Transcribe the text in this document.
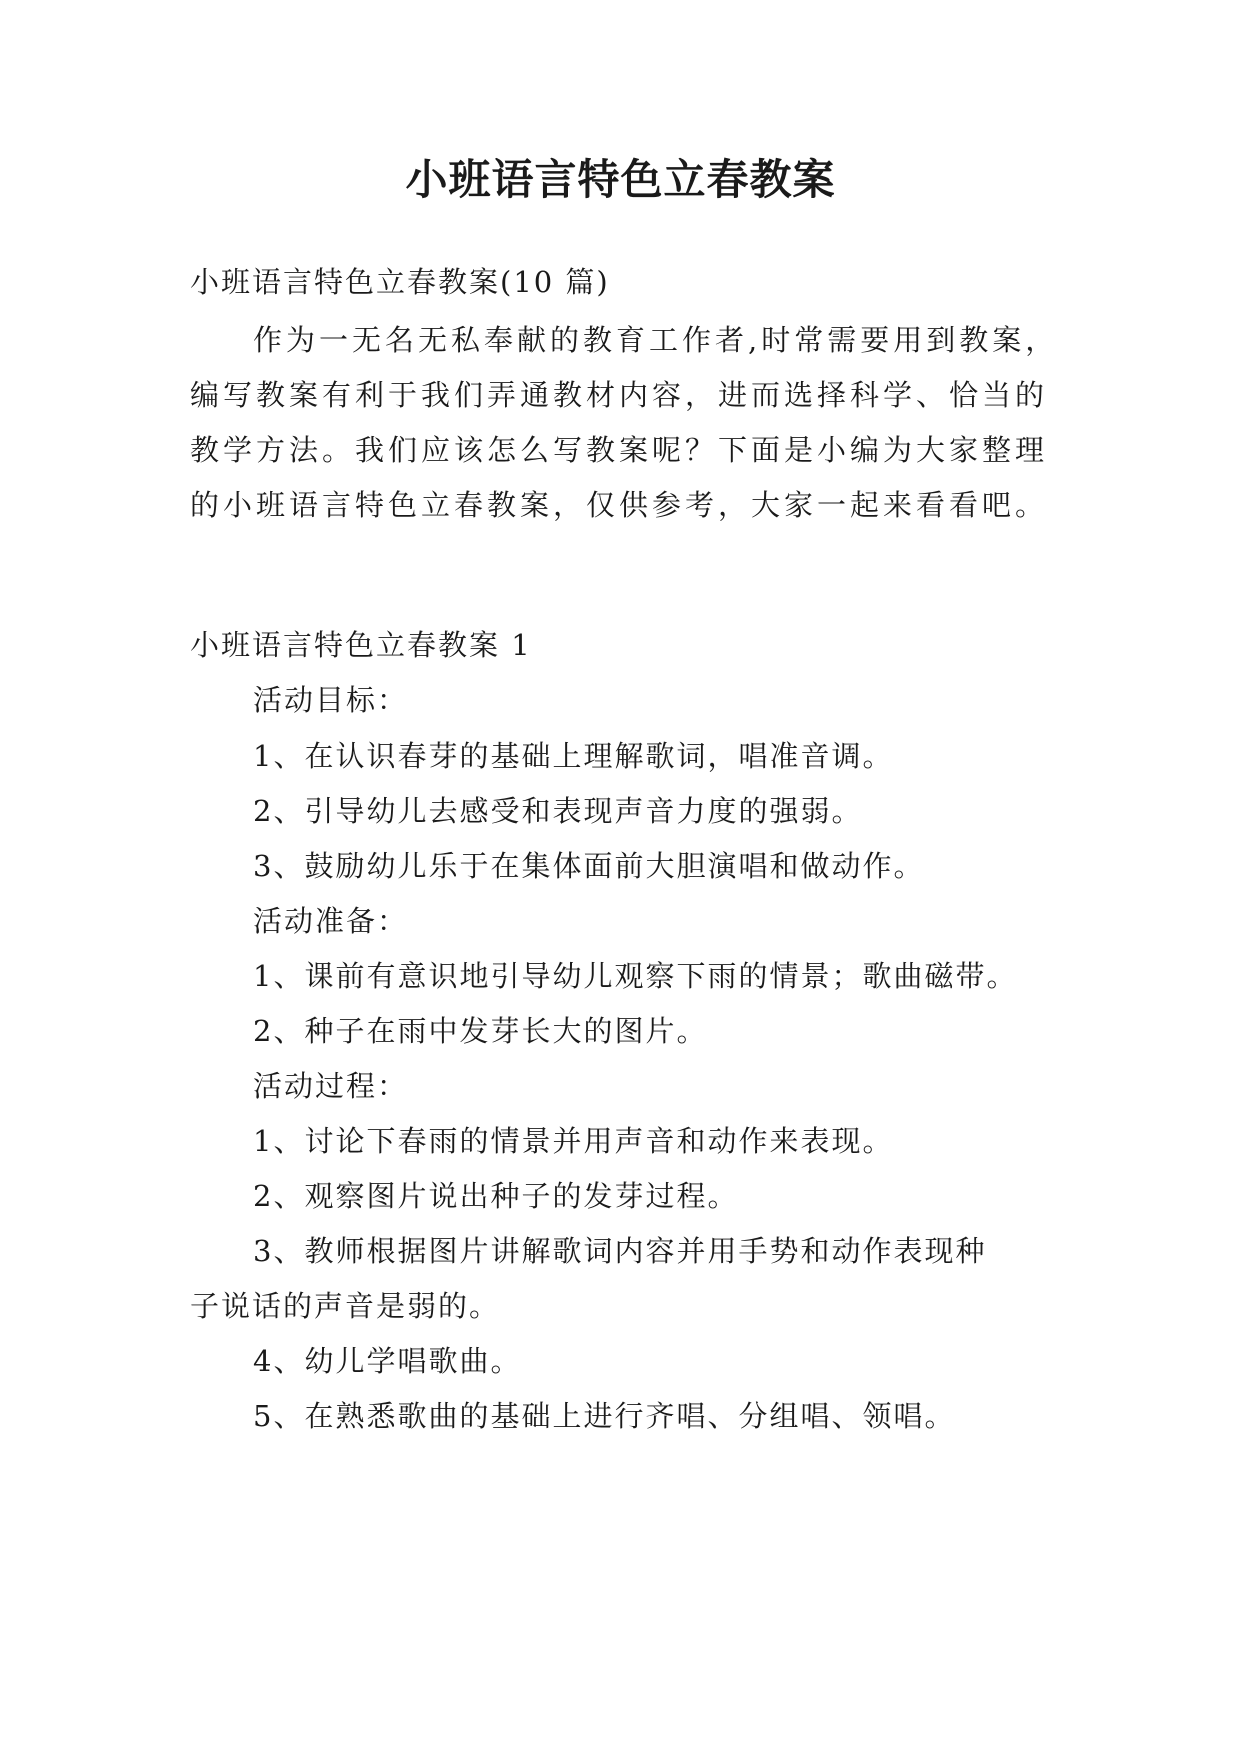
小班语言特色立春教案

小班语言特色立春教案(10 篇)

作为一无名无私奉献的教育工作者,时常需要用到教案，

编写教案有利于我们弄通教材内容，进而选择科学、恰当的

教学方法。我们应该怎么写教案呢？下面是小编为大家整理

的小班语言特色立春教案，仅供参考，大家一起来看看吧。

小班语言特色立春教案 1

活动目标：

1、在认识春芽的基础上理解歌词，唱准音调。

2、引导幼儿去感受和表现声音力度的强弱。

3、鼓励幼儿乐于在集体面前大胆演唱和做动作。

活动准备：

1、课前有意识地引导幼儿观察下雨的情景；歌曲磁带。

2、种子在雨中发芽长大的图片。

活动过程：

1、讨论下春雨的情景并用声音和动作来表现。

2、观察图片说出种子的发芽过程。

3、教师根据图片讲解歌词内容并用手势和动作表现种

子说话的声音是弱的。

4、幼儿学唱歌曲。

5、在熟悉歌曲的基础上进行齐唱、分组唱、领唱。
